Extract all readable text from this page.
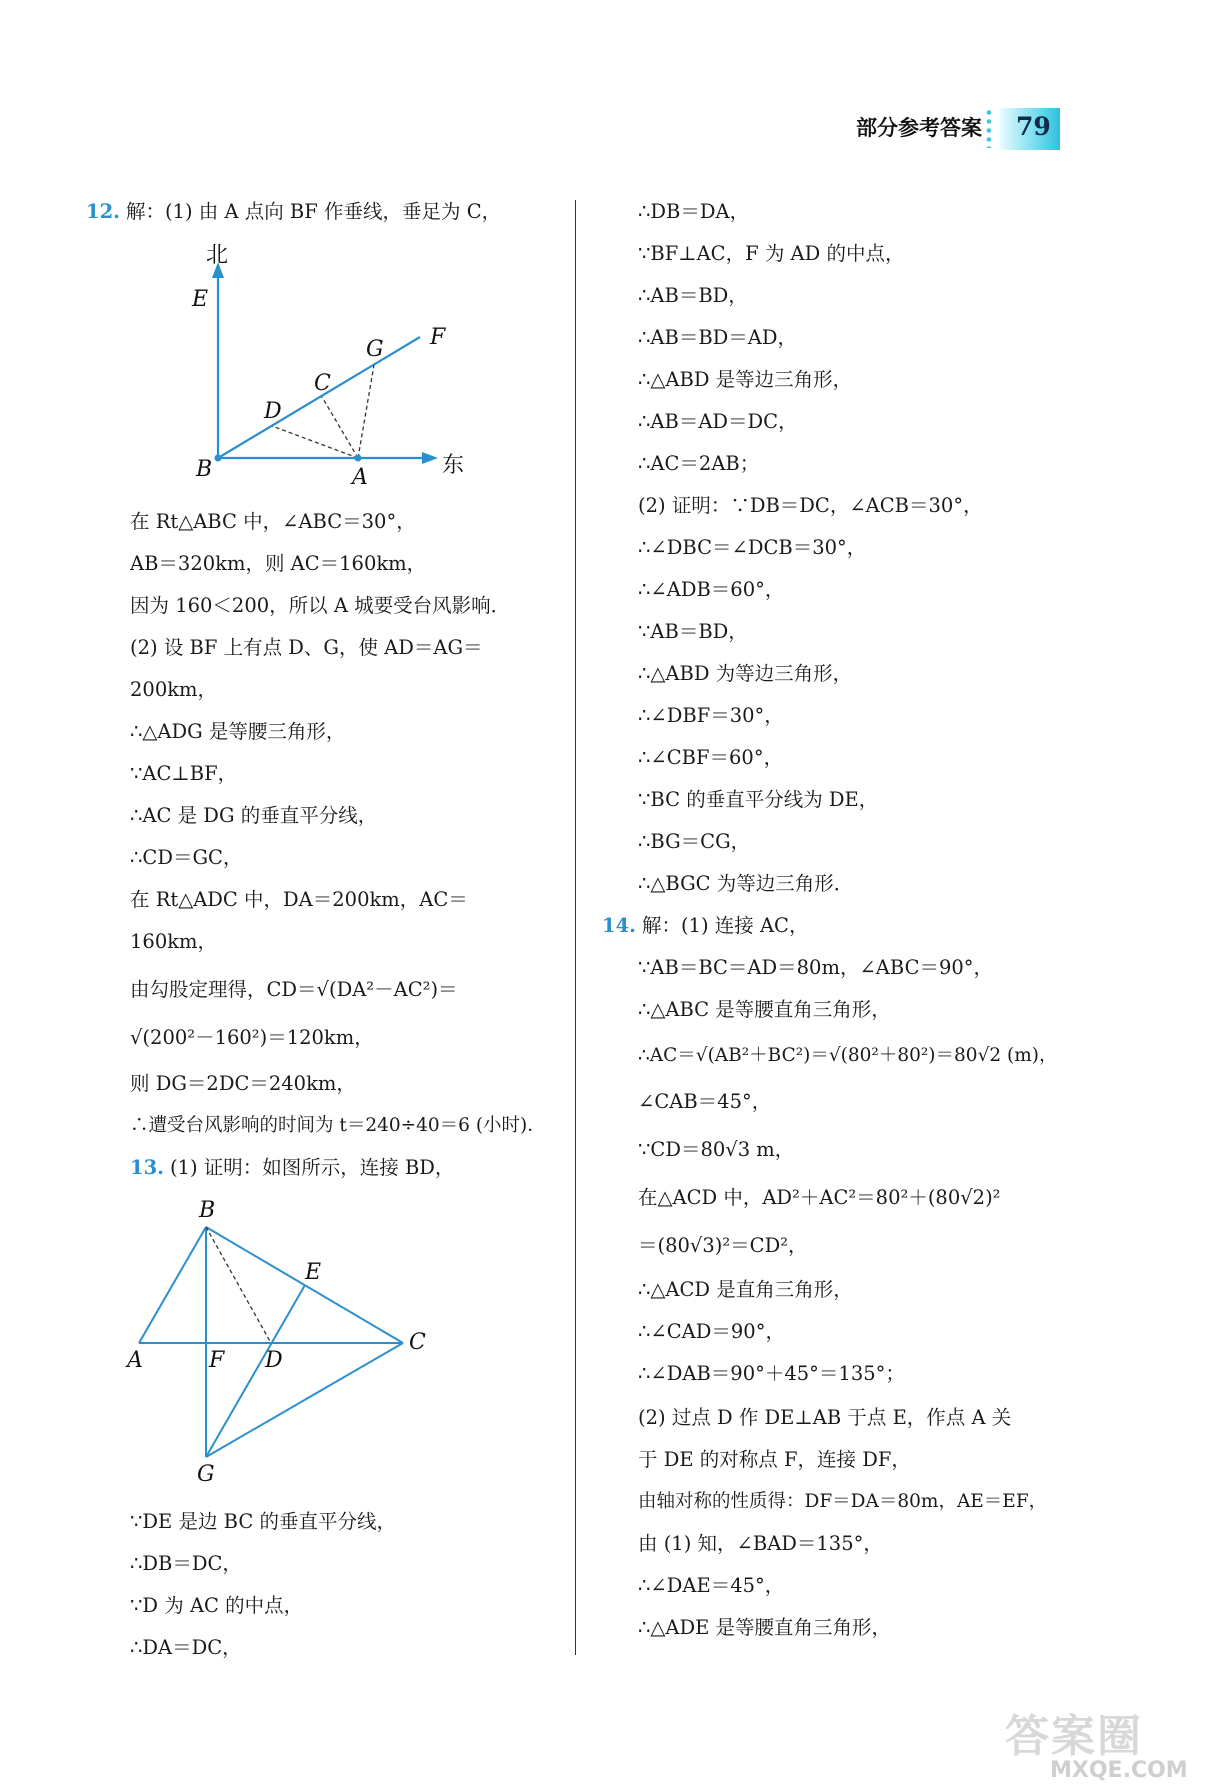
部分参考答案 79
12. 解：(1) 由 A 点向 BF 作垂线，垂足为 C，
北
E
B	A
D
C
G F
东
在 Rt△ABC 中，∠ABC＝30°，
AB＝320km，则 AC＝160km，
因为 160＜200，所以 A 城要受台风影响．
(2) 设 BF 上有点 D、G，使 AD＝AG＝
200km，
∴△ADG 是等腰三角形，
∵AC⊥BF，
∴AC 是 DG 的垂直平分线，
∴CD＝GC，
在 Rt△ADC 中，DA＝200km，AC＝
160km，
由勾股定理得，CD＝√(DA²－AC²)＝
√(200²－160²)＝120km，
则 DG＝2DC＝240km，
∴遭受台风影响的时间为 t＝240÷40＝6 (小时)．
13. (1) 证明：如图所示，连接 BD，
B
E
A	F D
C
G
∵DE 是边 BC 的垂直平分线，
∴DB＝DC，
∵D 为 AC 的中点，
∴DA＝DC，
∴DB＝DA，
∵BF⊥AC，F 为 AD 的中点，
∴AB＝BD，
∴AB＝BD＝AD，
∴△ABD 是等边三角形，
∴AB＝AD＝DC，
∴AC＝2AB；
(2) 证明：∵DB＝DC，∠ACB＝30°，
∴∠DBC＝∠DCB＝30°，
∴∠ADB＝60°，
∵AB＝BD，
∴△ABD 为等边三角形，
∴∠DBF＝30°，
∴∠CBF＝60°，
∵BC 的垂直平分线为 DE，
∴BG＝CG，
∴△BGC 为等边三角形．
14. 解：(1) 连接 AC，
∵AB＝BC＝AD＝80m，∠ABC＝90°，
∴△ABC 是等腰直角三角形，
∴AC＝√(AB²＋BC²)＝√(80²＋80²)＝80√2 (m)，
∠CAB＝45°，
∵CD＝80√3 m，
在△ACD 中，AD²＋AC²＝80²＋(80√2)²
＝(80√3)²＝CD²，
∴△ACD 是直角三角形，
∴∠CAD＝90°，
∴∠DAB＝90°＋45°＝135°；
(2) 过点 D 作 DE⊥AB 于点 E，作点 A 关
于 DE 的对称点 F，连接 DF，
由轴对称的性质得：DF＝DA＝80m，AE＝EF，
由 (1) 知，∠BAD＝135°，
∴∠DAE＝45°，
∴△ADE 是等腰直角三角形，
答案圈
MXQE.COM
